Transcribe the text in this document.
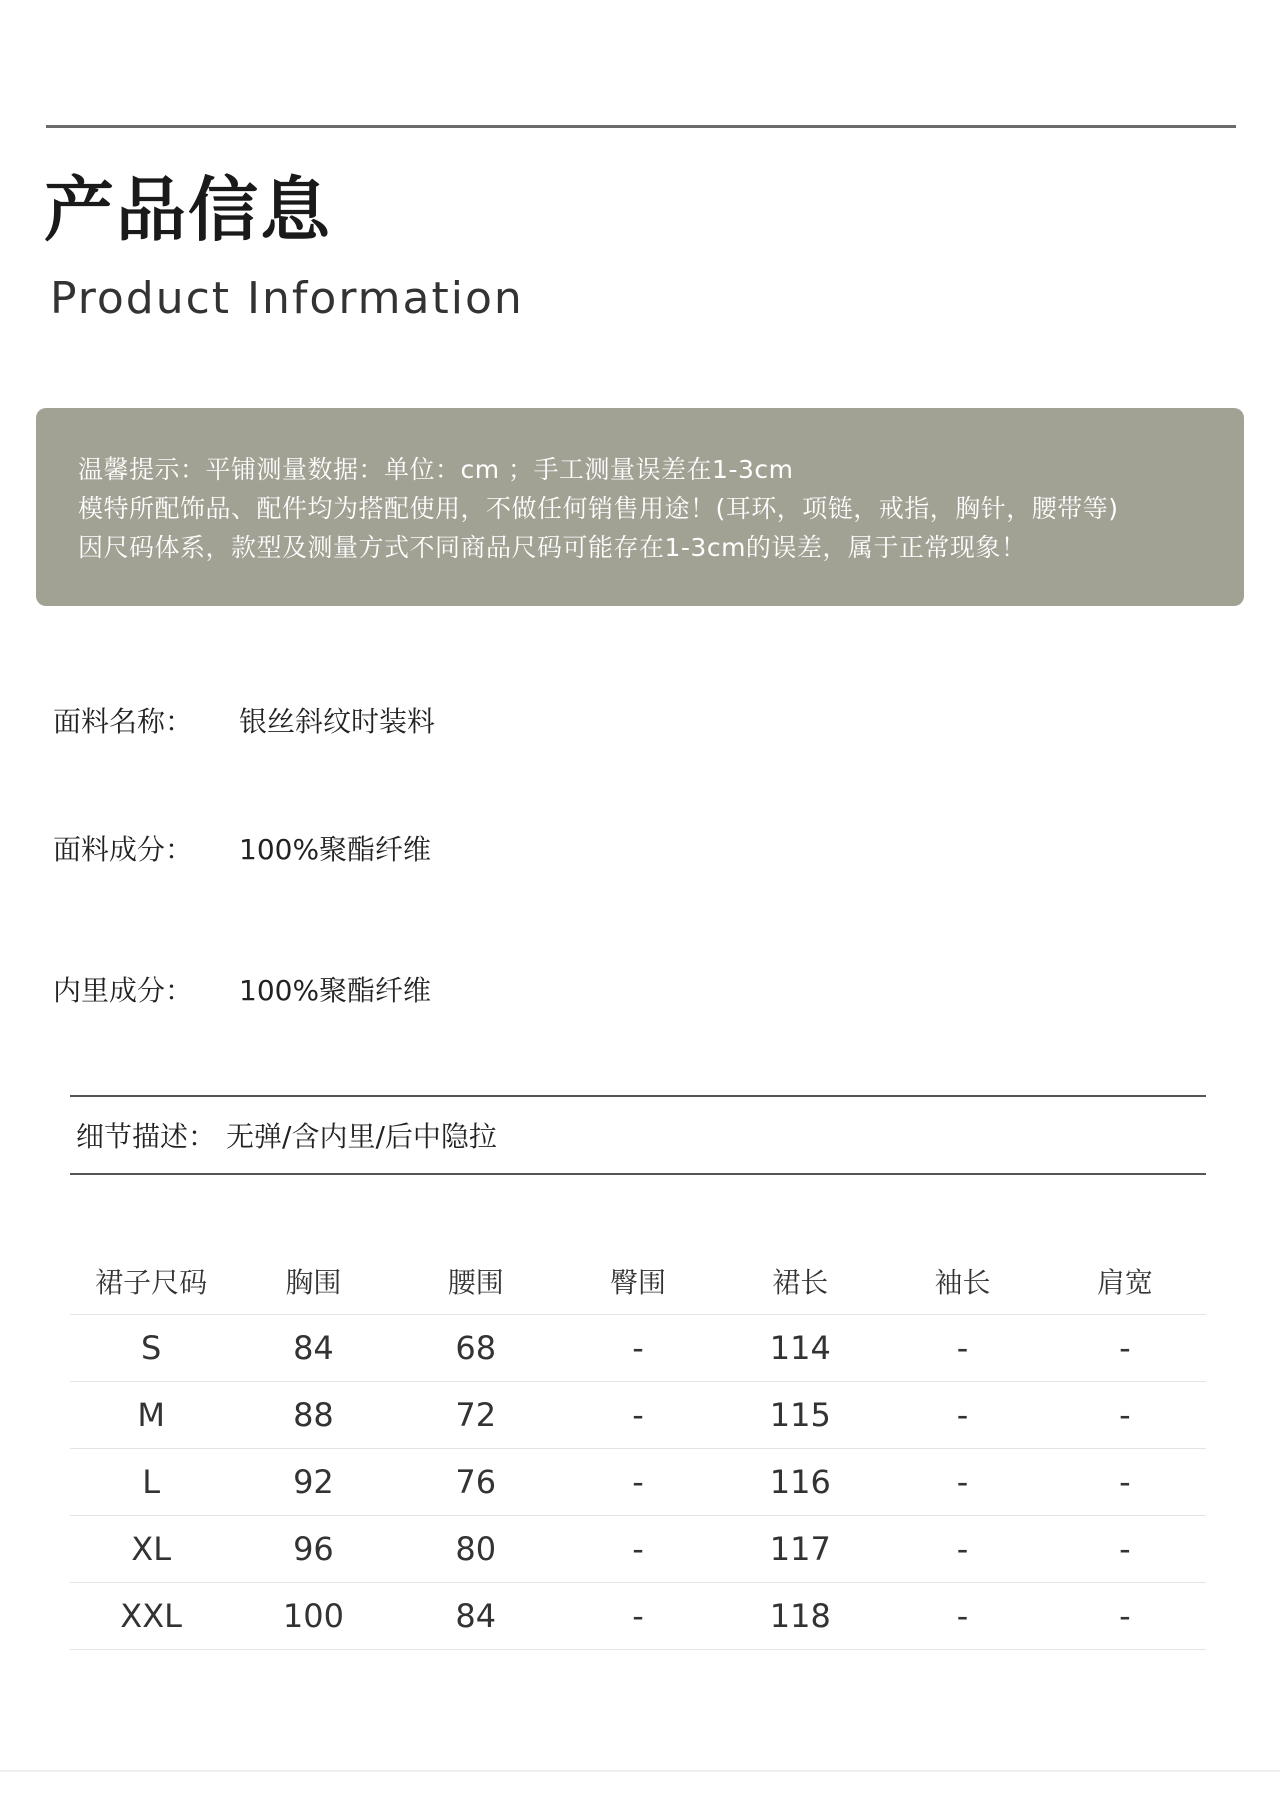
产品信息
Product Information
温馨提示：平铺测量数据：单位：cm ；手工测量误差在1-3cm
模特所配饰品、配件均为搭配使用，不做任何销售用途！(耳环，项链，戒指，胸针，腰带等)
因尺码体系，款型及测量方式不同商品尺码可能存在1-3cm的误差，属于正常现象！
面料名称： 银丝斜纹时装料
面料成分： 100%聚酯纤维
内里成分： 100%聚酯纤维
细节描述： 无弹/含内里/后中隐拉
裙子尺码	胸围	腰围	臀围	裙长	袖长	肩宽
S	84	68	-	114	-	-
M	88	72	-	115	-	-
L	92	76	-	116	-	-
XL	96	80	-	117	-	-
XXL	100	84	-	118	-	-
